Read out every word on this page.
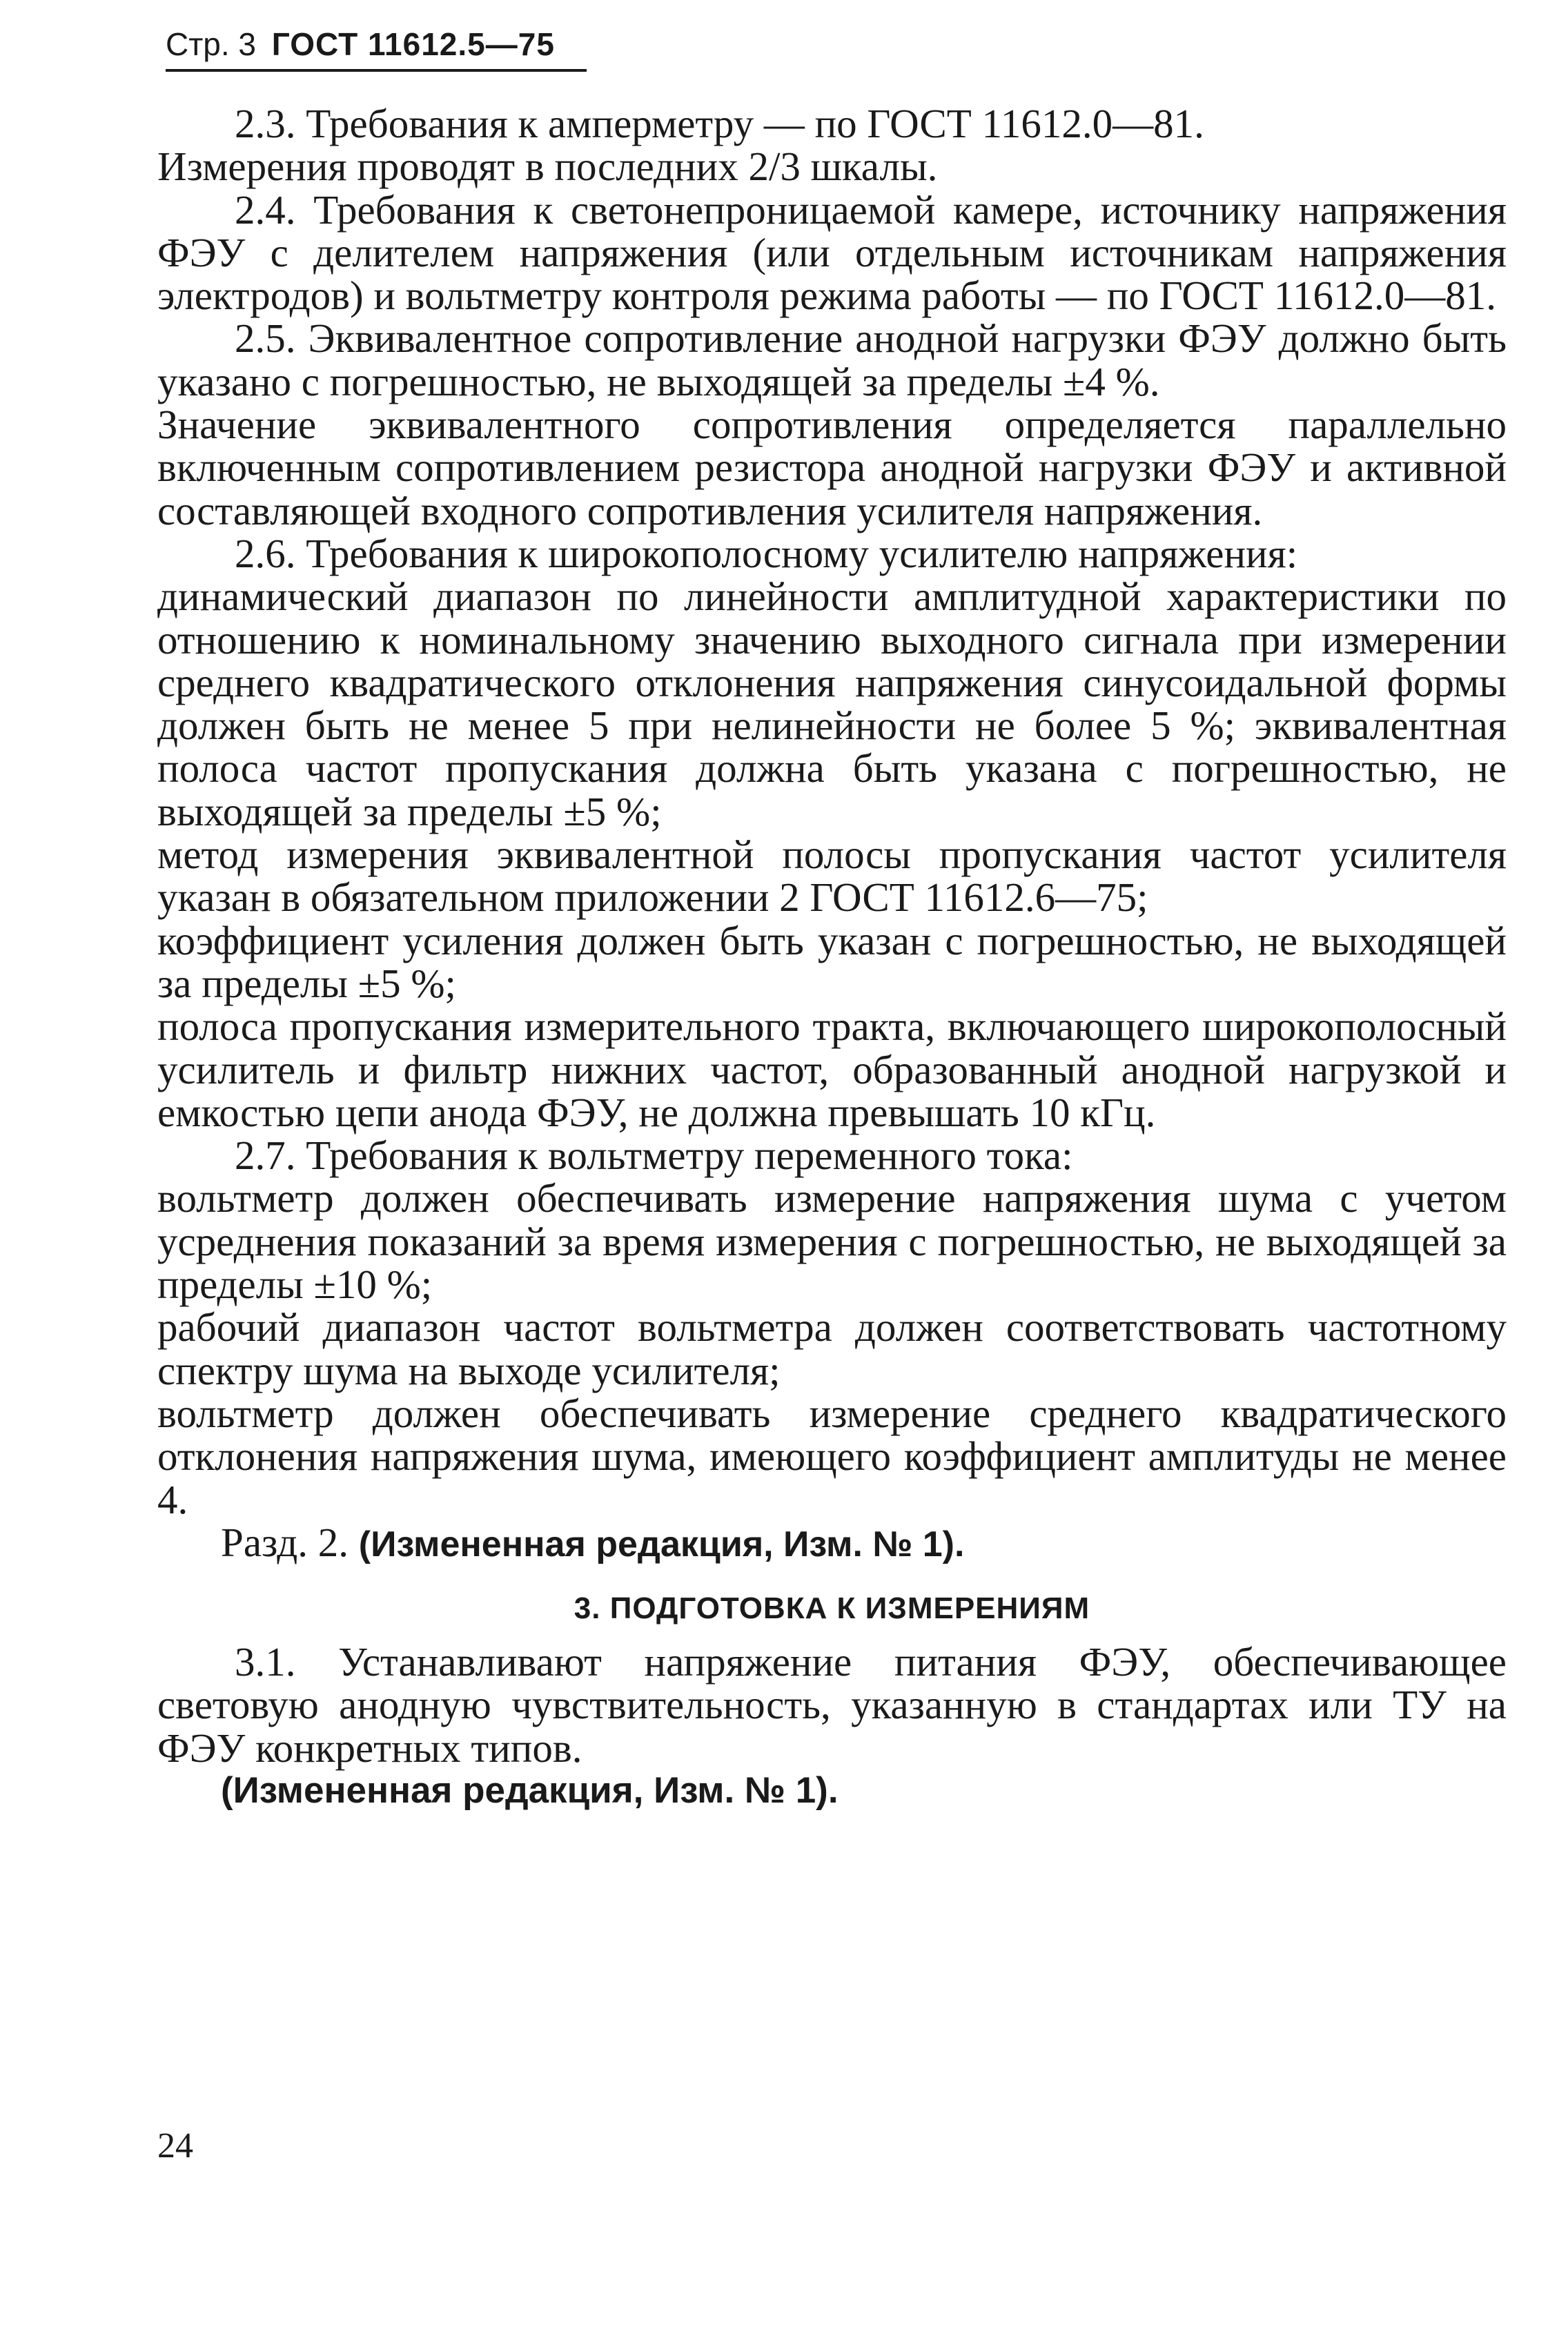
Стр. 3 ГОСТ 11612.5—75

2.3. Требования к амперметру — по ГОСТ 11612.0—81.

Измерения проводят в последних 2/3 шкалы.

2.4. Требования к светонепроницаемой камере, источнику напряжения ФЭУ с делителем напряжения (или отдельным источникам напряжения электродов) и вольтметру контроля режима работы — по ГОСТ 11612.0—81.

2.5. Эквивалентное сопротивление анодной нагрузки ФЭУ должно быть указано с погрешностью, не выходящей за пределы ±4 %.

Значение эквивалентного сопротивления определяется параллельно включенным сопротивлением резистора анодной нагрузки ФЭУ и активной составляющей входного сопротивления усилителя напряжения.

2.6. Требования к широкополосному усилителю напряжения:

динамический диапазон по линейности амплитудной характеристики по отношению к номинальному значению выходного сигнала при измерении среднего квадратического отклонения напряжения синусоидальной формы должен быть не менее 5 при нелинейности не более 5 %; эквивалентная полоса частот пропускания должна быть указана с погрешностью, не выходящей за пределы ±5 %;

метод измерения эквивалентной полосы пропускания частот усилителя указан в обязательном приложении 2 ГОСТ 11612.6—75;

коэффициент усиления должен быть указан с погрешностью, не выходящей за пределы ±5 %;

полоса пропускания измерительного тракта, включающего широкополосный усилитель и фильтр нижних частот, образованный анодной нагрузкой и емкостью цепи анода ФЭУ, не должна превышать 10 кГц.

2.7. Требования к вольтметру переменного тока:

вольтметр должен обеспечивать измерение напряжения шума с учетом усреднения показаний за время измерения с погрешностью, не выходящей за пределы ±10 %;

рабочий диапазон частот вольтметра должен соответствовать частотному спектру шума на выходе усилителя;

вольтметр должен обеспечивать измерение среднего квадратического отклонения напряжения шума, имеющего коэффициент амплитуды не менее 4.

Разд. 2. (Измененная редакция, Изм. № 1).

3. ПОДГОТОВКА К ИЗМЕРЕНИЯМ

3.1. Устанавливают напряжение питания ФЭУ, обеспечивающее световую анодную чувствительность, указанную в стандартах или ТУ на ФЭУ конкретных типов.

(Измененная редакция, Изм. № 1).

24
